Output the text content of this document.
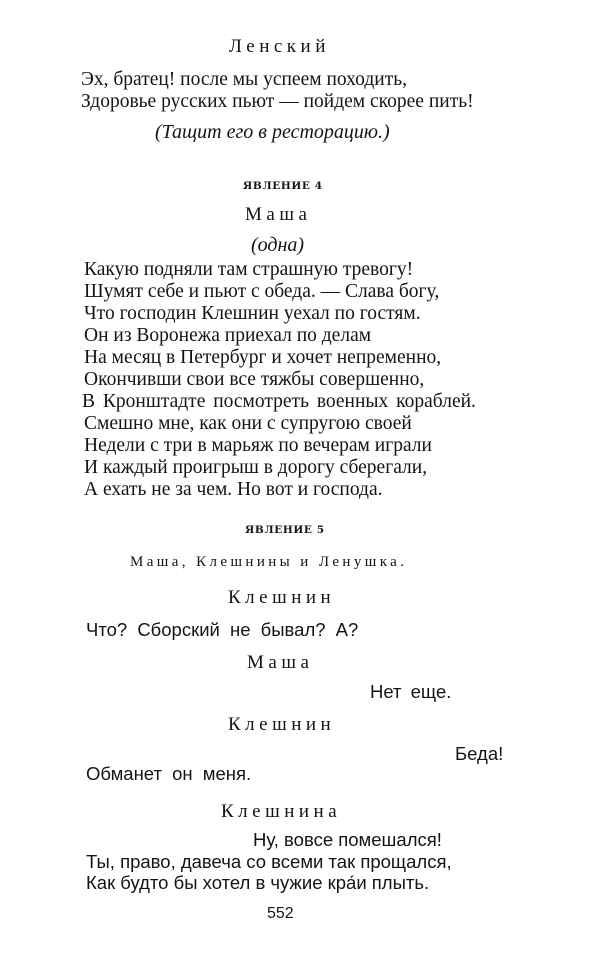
Ленский
Эх, братец! после мы успеем походить,
Здоровье русских пьют — пойдем скорее пить!
(Тащит его в ресторацию.)
ЯВЛЕНИЕ 4
Маша
(одна)
Какую подняли там страшную тревогу!
Шумят себе и пьют с обеда. — Слава богу,
Что господин Клешнин уехал по гостям.
Он из Воронежа приехал по делам
На месяц в Петербург и хочет непременно,
Окончивши свои все тяжбы совершенно,
В Кронштадте посмотреть военных кораблей.
Смешно мне, как они с супругою своей
Недели с три в марьяж по вечерам играли
И каждый проигрыш в дорогу сберегали,
А ехать не за чем. Но вот и господа.
ЯВЛЕНИЕ 5
Маша, Клешнины и Ленушка.
Клешнин
Что? Сборский не бывал? А?
Маша
Нет еще.
Клешнин
Беда!
Обманет он меня.
Клешнина
Ну, вовсе помешался!
Ты, право, давеча со всеми так прощался,
Как будто бы хотел в чужие кра́и плыть.
552
